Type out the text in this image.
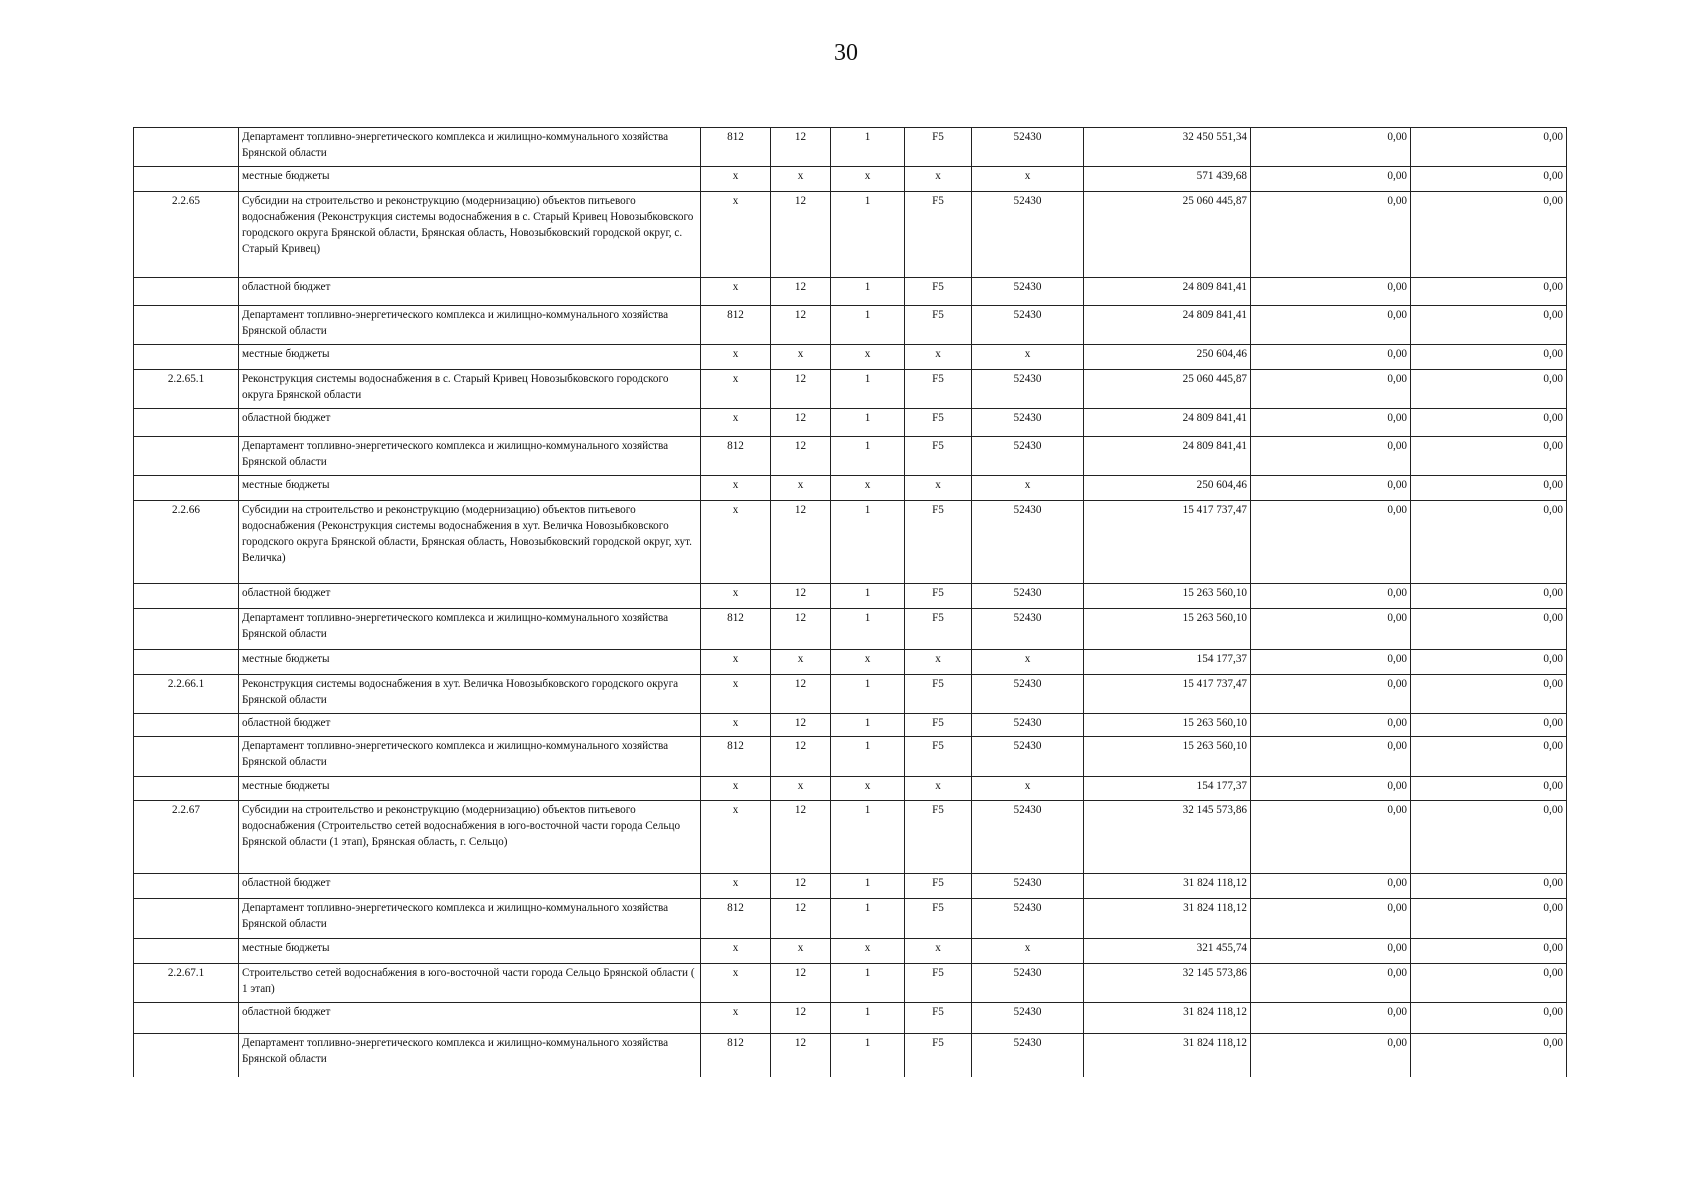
30
	Департамент топливно-энергетического комплекса и жилищно-коммунального хозяйства Брянской области	812	12	1	F5	52430	32 450 551,34	0,00	0,00
	местные бюджеты	x	x	x	x	x	571 439,68	0,00	0,00
2.2.65	Субсидии на строительство и реконструкцию (модернизацию) объектов питьевого водоснабжения (Реконструкция системы водоснабжения в с. Старый Кривец Новозыбковского городского округа Брянской области, Брянская область, Новозыбковский городской округ, с. Старый Кривец)	x	12	1	F5	52430	25 060 445,87	0,00	0,00
	областной бюджет	x	12	1	F5	52430	24 809 841,41	0,00	0,00
	Департамент топливно-энергетического комплекса и жилищно-коммунального хозяйства Брянской области	812	12	1	F5	52430	24 809 841,41	0,00	0,00
	местные бюджеты	x	x	x	x	x	250 604,46	0,00	0,00
2.2.65.1	Реконструкция системы водоснабжения в с. Старый Кривец Новозыбковского городского округа Брянской области	x	12	1	F5	52430	25 060 445,87	0,00	0,00
	областной бюджет	x	12	1	F5	52430	24 809 841,41	0,00	0,00
	Департамент топливно-энергетического комплекса и жилищно-коммунального хозяйства Брянской области	812	12	1	F5	52430	24 809 841,41	0,00	0,00
	местные бюджеты	x	x	x	x	x	250 604,46	0,00	0,00
2.2.66	Субсидии на строительство и реконструкцию (модернизацию) объектов питьевого водоснабжения (Реконструкция системы водоснабжения в хут. Величка Новозыбковского городского округа Брянской области, Брянская область, Новозыбковский городской округ, хут. Величка)	x	12	1	F5	52430	15 417 737,47	0,00	0,00
	областной бюджет	x	12	1	F5	52430	15 263 560,10	0,00	0,00
	Департамент топливно-энергетического комплекса и жилищно-коммунального хозяйства Брянской области	812	12	1	F5	52430	15 263 560,10	0,00	0,00
	местные бюджеты	x	x	x	x	x	154 177,37	0,00	0,00
2.2.66.1	Реконструкция системы водоснабжения в хут. Величка Новозыбковского городского округа Брянской области	x	12	1	F5	52430	15 417 737,47	0,00	0,00
	областной бюджет	x	12	1	F5	52430	15 263 560,10	0,00	0,00
	Департамент топливно-энергетического комплекса и жилищно-коммунального хозяйства Брянской области	812	12	1	F5	52430	15 263 560,10	0,00	0,00
	местные бюджеты	x	x	x	x	x	154 177,37	0,00	0,00
2.2.67	Субсидии на строительство и реконструкцию (модернизацию) объектов питьевого водоснабжения (Строительство сетей водоснабжения в юго-восточной части города Сельцо Брянской области (1 этап), Брянская область, г. Сельцо)	x	12	1	F5	52430	32 145 573,86	0,00	0,00
	областной бюджет	x	12	1	F5	52430	31 824 118,12	0,00	0,00
	Департамент топливно-энергетического комплекса и жилищно-коммунального хозяйства Брянской области	812	12	1	F5	52430	31 824 118,12	0,00	0,00
	местные бюджеты	x	x	x	x	x	321 455,74	0,00	0,00
2.2.67.1	Строительство сетей водоснабжения в юго-восточной части города Сельцо Брянской области ( 1 этап)	x	12	1	F5	52430	32 145 573,86	0,00	0,00
	областной бюджет	x	12	1	F5	52430	31 824 118,12	0,00	0,00
	Департамент топливно-энергетического комплекса и жилищно-коммунального хозяйства Брянской области	812	12	1	F5	52430	31 824 118,12	0,00	0,00
